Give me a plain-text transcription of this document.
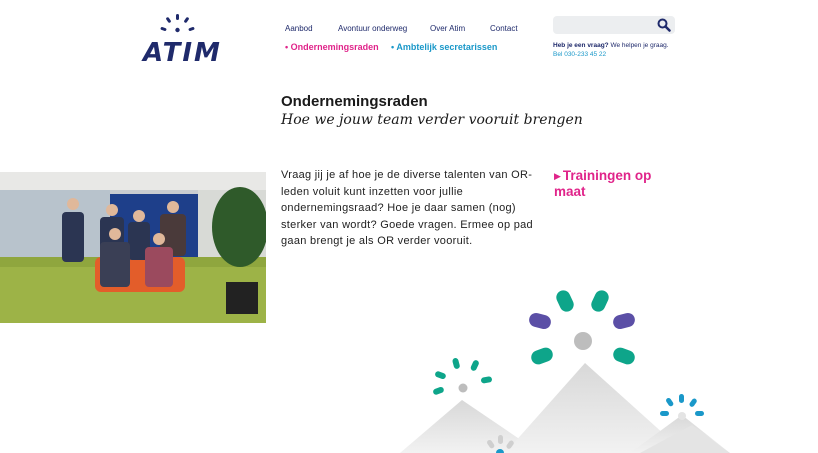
ATIM
Aanbod	Avontuur onderweg	Over Atim	Contact
• Ondernemingsraden • Ambtelijk secretarissen	Heb je een vraag? We helpen je graag.
Bel 030-233 45 22
Ondernemingsraden
Hoe we jouw team verder vooruit brengen
Vraag jij je af hoe je de diverse talenten van OR-leden voluit kunt inzetten voor jullie ondernemingsraad? Hoe je daar samen (nog) sterker van wordt? Goede vragen. Ermee op pad gaan brengt je als OR verder vooruit.
▶ Trainingen op maat
